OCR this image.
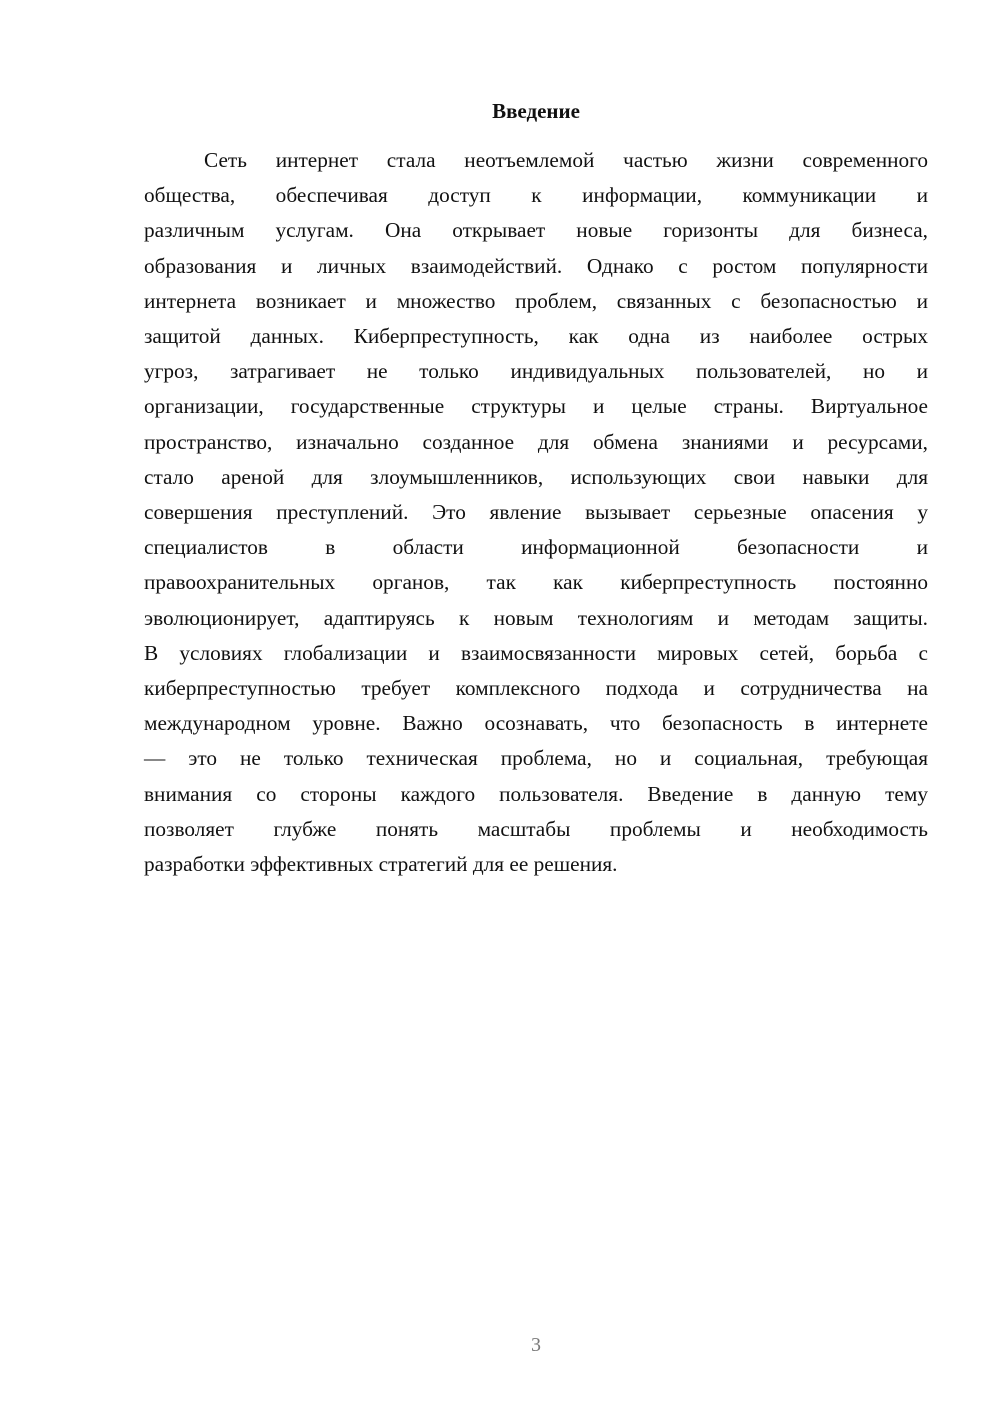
Введение

Сеть интернет стала неотъемлемой частью жизни современного
общества, обеспечивая доступ к информации, коммуникации и
различным услугам. Она открывает новые горизонты для бизнеса,
образования и личных взаимодействий. Однако с ростом популярности
интернета возникает и множество проблем, связанных с безопасностью и
защитой данных. Киберпреступность, как одна из наиболее острых
угроз, затрагивает не только индивидуальных пользователей, но и
организации, государственные структуры и целые страны. Виртуальное
пространство, изначально созданное для обмена знаниями и ресурсами,
стало ареной для злоумышленников, использующих свои навыки для
совершения преступлений. Это явление вызывает серьезные опасения у
специалистов в области информационной безопасности и
правоохранительных органов, так как киберпреступность постоянно
эволюционирует, адаптируясь к новым технологиям и методам защиты.
В условиях глобализации и взаимосвязанности мировых сетей, борьба с
киберпреступностью требует комплексного подхода и сотрудничества на
международном уровне. Важно осознавать, что безопасность в интернете
— это не только техническая проблема, но и социальная, требующая
внимания со стороны каждого пользователя. Введение в данную тему
позволяет глубже понять масштабы проблемы и необходимость
разработки эффективных стратегий для ее решения.

3
